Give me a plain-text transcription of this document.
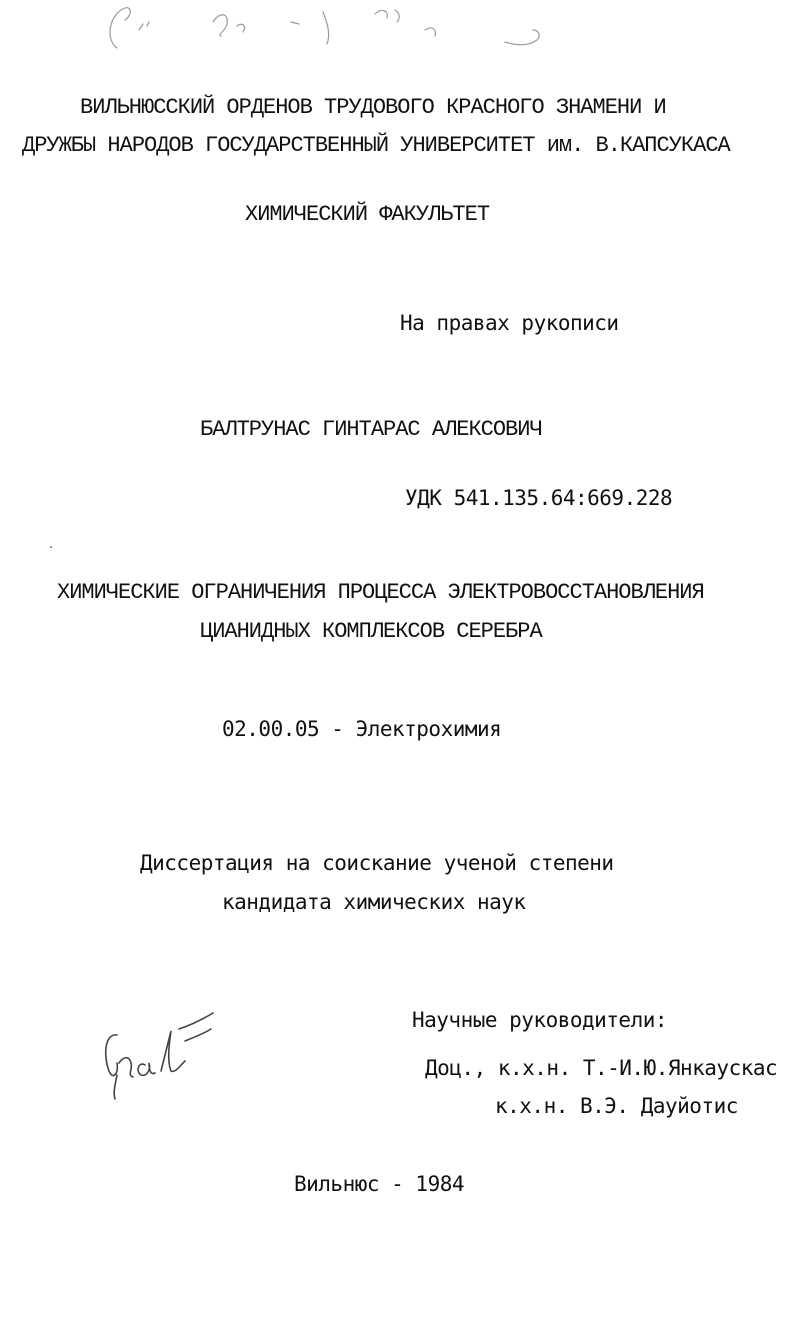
ВИЛЬНЮССКИЙ ОРДЕНОВ ТРУДОВОГО КРАСНОГО ЗНАМЕНИ И
ДРУЖБЫ НАРОДОВ ГОСУДАРСТВЕННЫЙ УНИВЕРСИТЕТ им. В.КАПСУКАСА
ХИМИЧЕСКИЙ ФАКУЛЬТЕТ
На правах рукописи
БАЛТРУНАС ГИНТАРАС АЛЕКСОВИЧ
УДК 541.135.64:669.228
ХИМИЧЕСКИЕ ОГРАНИЧЕНИЯ ПРОЦЕССА ЭЛЕКТРОВОССТАНОВЛЕНИЯ
ЦИАНИДНЫХ КОМПЛЕКСОВ СЕРЕБРА
02.00.05 - Электрохимия
Диссертация на соискание ученой степени
кандидата химических наук
Научные руководители:
Доц., к.х.н. Т.-И.Ю.Янкаускас
к.х.н. В.Э. Дауйотис
Вильнюс - 1984
